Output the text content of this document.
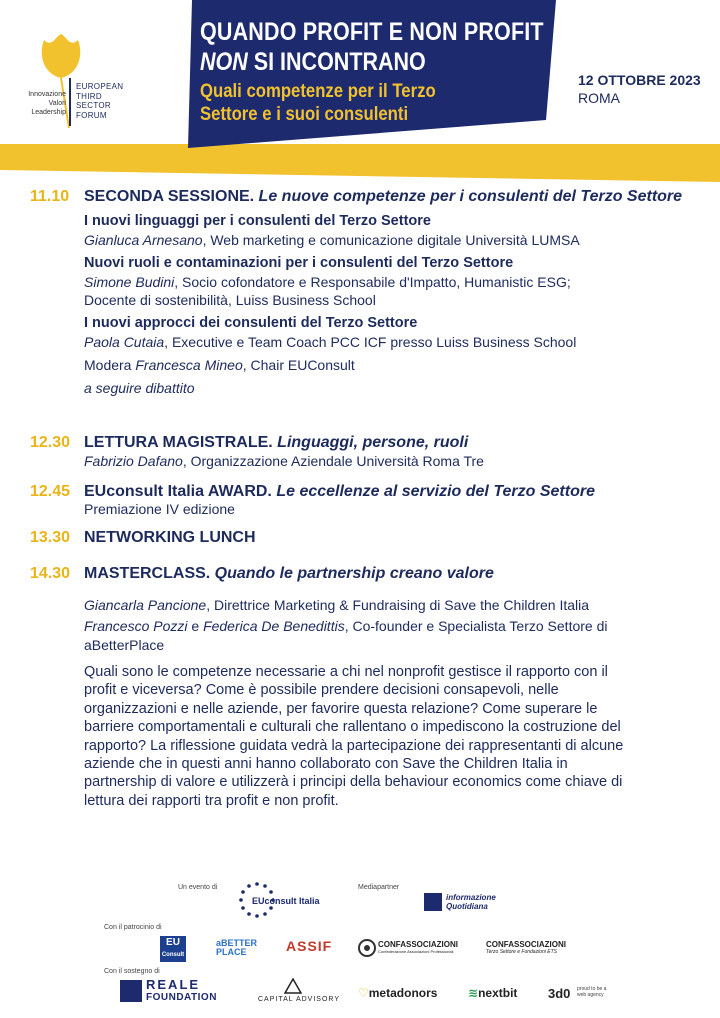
Innovazione
Valori
Leadership
EUROPEAN
THIRD
SECTOR
FORUM
QUANDO PROFIT E NON PROFIT
NON SI INCONTRANO
Quali competenze per il Terzo
Settore e i suoi consulenti
12 OTTOBRE 2023
ROMA
11.10 SECONDA SESSIONE. Le nuove competenze per i consulenti del Terzo Settore
I nuovi linguaggi per i consulenti del Terzo Settore
Gianluca Arnesano, Web marketing e comunicazione digitale Università LUMSA
Nuovi ruoli e contaminazioni per i consulenti del Terzo Settore
Simone Budini, Socio cofondatore e Responsabile d'Impatto, Humanistic ESG;
Docente di sostenibilità, Luiss Business School
I nuovi approcci dei consulenti del Terzo Settore
Paola Cutaia, Executive e Team Coach PCC ICF presso Luiss Business School
Modera Francesca Mineo, Chair EUConsult
a seguire dibattito
12.30 LETTURA MAGISTRALE. Linguaggi, persone, ruoli
Fabrizio Dafano, Organizzazione Aziendale Università Roma Tre
12.45 EUconsult Italia AWARD. Le eccellenze al servizio del Terzo Settore
Premiazione IV edizione
13.30 NETWORKING LUNCH
14.30 MASTERCLASS. Quando le partnership creano valore
Giancarla Pancione, Direttrice Marketing & Fundraising di Save the Children Italia
Francesco Pozzi e Federica De Benedittis, Co-founder e Specialista Terzo Settore di
aBetterPlace
Quali sono le competenze necessarie a chi nel nonprofit gestisce il rapporto con il profit e viceversa? Come è possibile prendere decisioni consapevoli, nelle organizzazioni e nelle aziende, per favorire questa relazione? Come superare le barriere comportamentali e culturali che rallentano o impediscono la costruzione del rapporto? La riflessione guidata vedrà la partecipazione dei rappresentanti di alcune aziende che in questi anni hanno collaborato con Save the Children Italia in partnership di valore e utilizzerà i principi della behaviour economics come chiave di lettura dei rapporti tra profit e non profit.
Un evento di
EUconsult Italia
Mediapartner
informazione
Quotidiana
Con il patrocinio di
EU
Consult
aBETTER
PLACE	ASSIF	CONFASSOCIAZIONI
Confederazione Associazioni Professionali
CONFASSOCIAZIONI
Terzo Settore e Fondazioni ETS
Con il sostegno di
REALE
FOUNDATION	CAPITAL ADVISORY ♡metadonors	≋nextbit 3d0 proud to be a web agency
